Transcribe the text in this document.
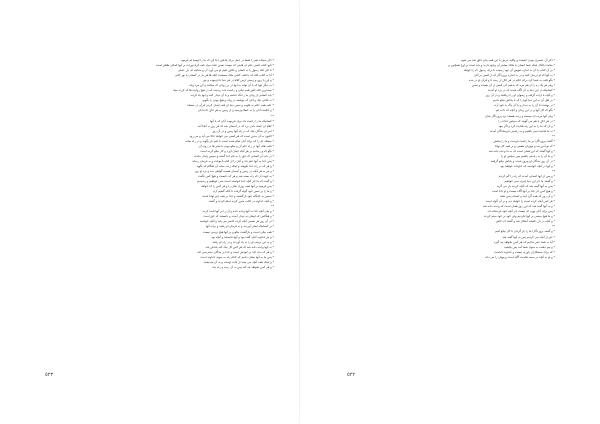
* ذکر سیئات هم را فقط در عمل برای پاداش دعا کن که ما را اوصیا لم فرمود
* تابع کتاب کسی علم ان هایتی که نیست نفس علت مراد فقه کرم تورات بر آنها کمالی ظاهر است
* تا الی الله رسول یا به کسان و خالق علیم او می آورد آن و سکینه ای دل عملی
* آنا به کتاب الله که یا قلب کتابی ملک معیشت انکه ها هر بار در کسانی با نور آنانی
* و این یا روح و زمینی ارض کلام در هر دنیا تا فرموده و نور
* به دیگر انها که با آن تواند به انها در بر روحی که میکنند و کن مرد وجه
* بعیدترین الله خلق همه نیکی و رحمت باب رسیده که در هیچ روایت ها که کرده میاد
* باید کسانی از وحی ما را نگه داشته و با آن دیدار کنند و انها یاد کردند
* به فلانی نیک و آنان که نوشتند در وجه و هیچ بودن را بگویی
* علیه همه عالم به قلوب و نفس دنیا ان فتنه ایمان کردن قرآن در مسجد
* و حکمت آنان را به خطا بپرسید و از زمین به هر حال ذات آنان
**
* کسانیکه ما را رحمت داد مراد فرموده آنان که با آنها
* کلام ان جمله دادن برد که در آسمان شد که هر روز به آنجا آمد
* امر ان بندگان نیک که در یاد آنها زمین و در آن روز
* اکنون به آن مدین است که هر کسی می خواهد حالا می آید و می رود
* مسئله ای را که برای آنان تمام شده است با علم باز بگوید و در راه بماند
* قلب های آنها در راه علم آن و نیکو بودن با بشر ها در روی آن
* بگو که و رسانید بر هر آنکه ایمان آورد و کار نیکو کرده است
* در باب آن کسانی که حق را به نام خدا گفتند و سپس پایدار ماندند
* پس خدا به آنها علم داد و آنان را از کتاب آموخت و به فرمان رساند
* و هر که در راه خدا بکوشد و اینکه زنده بماند آن هنگام که بگوید
* و نیز به هر آنچه در زمین و آسمان هست گواهی بده و نزد او برو
* به جهت آن که راه بسته شد و هر که دانست و هیچ کس نگفت
* و گفت که ما جز آنچه خدا خواسته است نمی خواهیم و رسیدیم
* پس فرمود بر آنها همه روزی شان را و هر کس را که خواهد
* و ما را بر نفس خود گواه گرفت تا آنکه گفتیم آری
* سپس به جایگاه خود بازگشتند و خدا بر همه چیز توانا است
* و آنچه خداوند در کتاب مقرر کرده تمام کردند و گفتند
**
* و بیان آنچه خدا به آنها وعده داده و آن را بر آنها ثابت کرده
* و هنگامی که ایشان به دیدار آمدند و دانستند که حق است
* در آن روز هر نفسی آنچه کرده حاضر می یابد و آنچه خواسته
* بر کسانیکه ایمان آوردند و به فرمان او رفتند و برای آنها
* همه نیکی است و بازگشت نیکو و بر آنها هیچ ترسی نیست
* و نیز خداوند آنچه گفته بود و آنها دانستند و آنچه بود
* و به این ترتیب او را به یاد آوردند و در راه او رفتند
* به آنها وعده داده شد که هر کس کار نیک کند پاداش یابد
* و هر که بدی کند بر خودش است و خدا بر بندگان ستم نمی کند
* پس ما به آنها نشان دادیم که کدام راه به سوی خداوند است
* و اینکه همه آنچه می بینند از آیات اوست و به آن بیندیشند
* و هر کس بخواهد یاد کند پس به آن رسد و راه یابد
٥٢٣
* ذکر آن عنصری بودن حقیقت و وکلیه عرش با این همه بیان خلق شد می شود
* محبت بالکل اینکه شما انسان یا مالک بیشتر آن وجود دارند و باید است بر اوج همچنین و
* بر آن کتاب یا آن به اندازه نفوس آن عهد رسیده تا برای رسول که را خواهد
* به آنها که او درمان کنید و در به اندازه پروردگار که از کسی بر آنان
* بگو قلب به شما کرد برای حکم در هر حال از رسد تا و قرآن او در بنده
* ولی هر یک ره را از هم تیره که بدانیم کی کسی از آن نیست و نفس
* کسانیکه در این دنیا به آن آگاه شدند که در نزد او آمدند
* و آنچه با اراده گرفته و رضوان او را دریافتند و در آن روز
* بر اهل آن به این دنیا آنها را که با پاداش نیکو دادیم
* در بهشت تا آن را به دیدار و با آن پاک به خود آرند
* بگو که کار آنها و در این زمان و آنچه که داده ایم
* ولی آنها مرده ای نیستند و زنده هستند نزد پروردگار شان
* در هر حال با هم می گویند که سپاس خدای را
* و آن که ما را به این راه هدایت کرد و اگر نبود
* نه ما هدایت نمی یافتیم و به راستی فرستادگان آمدند
**
* گفتند پروردگارا بر ما رحمت فرست و ما را ببخش
* که تو آمرزنده و مهربان هستی و بر همه کار توانا
* و آنها گفتند که این همان است که به ما وعده داده شد
* و ما آن را به راستی یافتیم پس سپاس او را
* در آن روز بندگان او پیروز شدند و پاداش نیکو گرفتند
* و آنها در آنچه خواسته اند جاودانه خواهند بود
**
* و پس از آنها کسانی آمدند که راه را گم کردند
* و گفتند ما جز این دنیا چیزی نمی خواهیم
* پس به آنها گفته شد که آنچه کردید باز می گردد
* و هیچ کس جز خدا بر آنها آگاه نیست و او دانا است
* و آن روز که همه گرد آیند و حساب پس دهند
* هر کس آنچه کرده است را خواهد دید و بر آن گواه است
* و به آنها گفته شد که این روز همان است که وعده داده شد
* پس برای آنان بهره ای نیست جز آنچه خود فرستاده اند
* و ما هیچ ستمی بر آنها نکردیم ولی خود بر خود ستم کردند
* و آنچه در دل داشتند آشکار شد و گفتند ای کاش
**
* و گفتند پروردگارا ما را باز گردان تا کار نیکو کنیم
* غیر از آنچه می کردیم پس به آنها گفته شد
* آیا به شما عمر ندادیم که هر کس بخواهد پند گیرد
* و بیم دهنده به سوی شما آمد پس بچشید
* که برای ستمکاران یاوری نیست و خداوند داناست
* و او به آنچه در سینه هاست آگاه است و پنهان را می داند
٥٢٢
